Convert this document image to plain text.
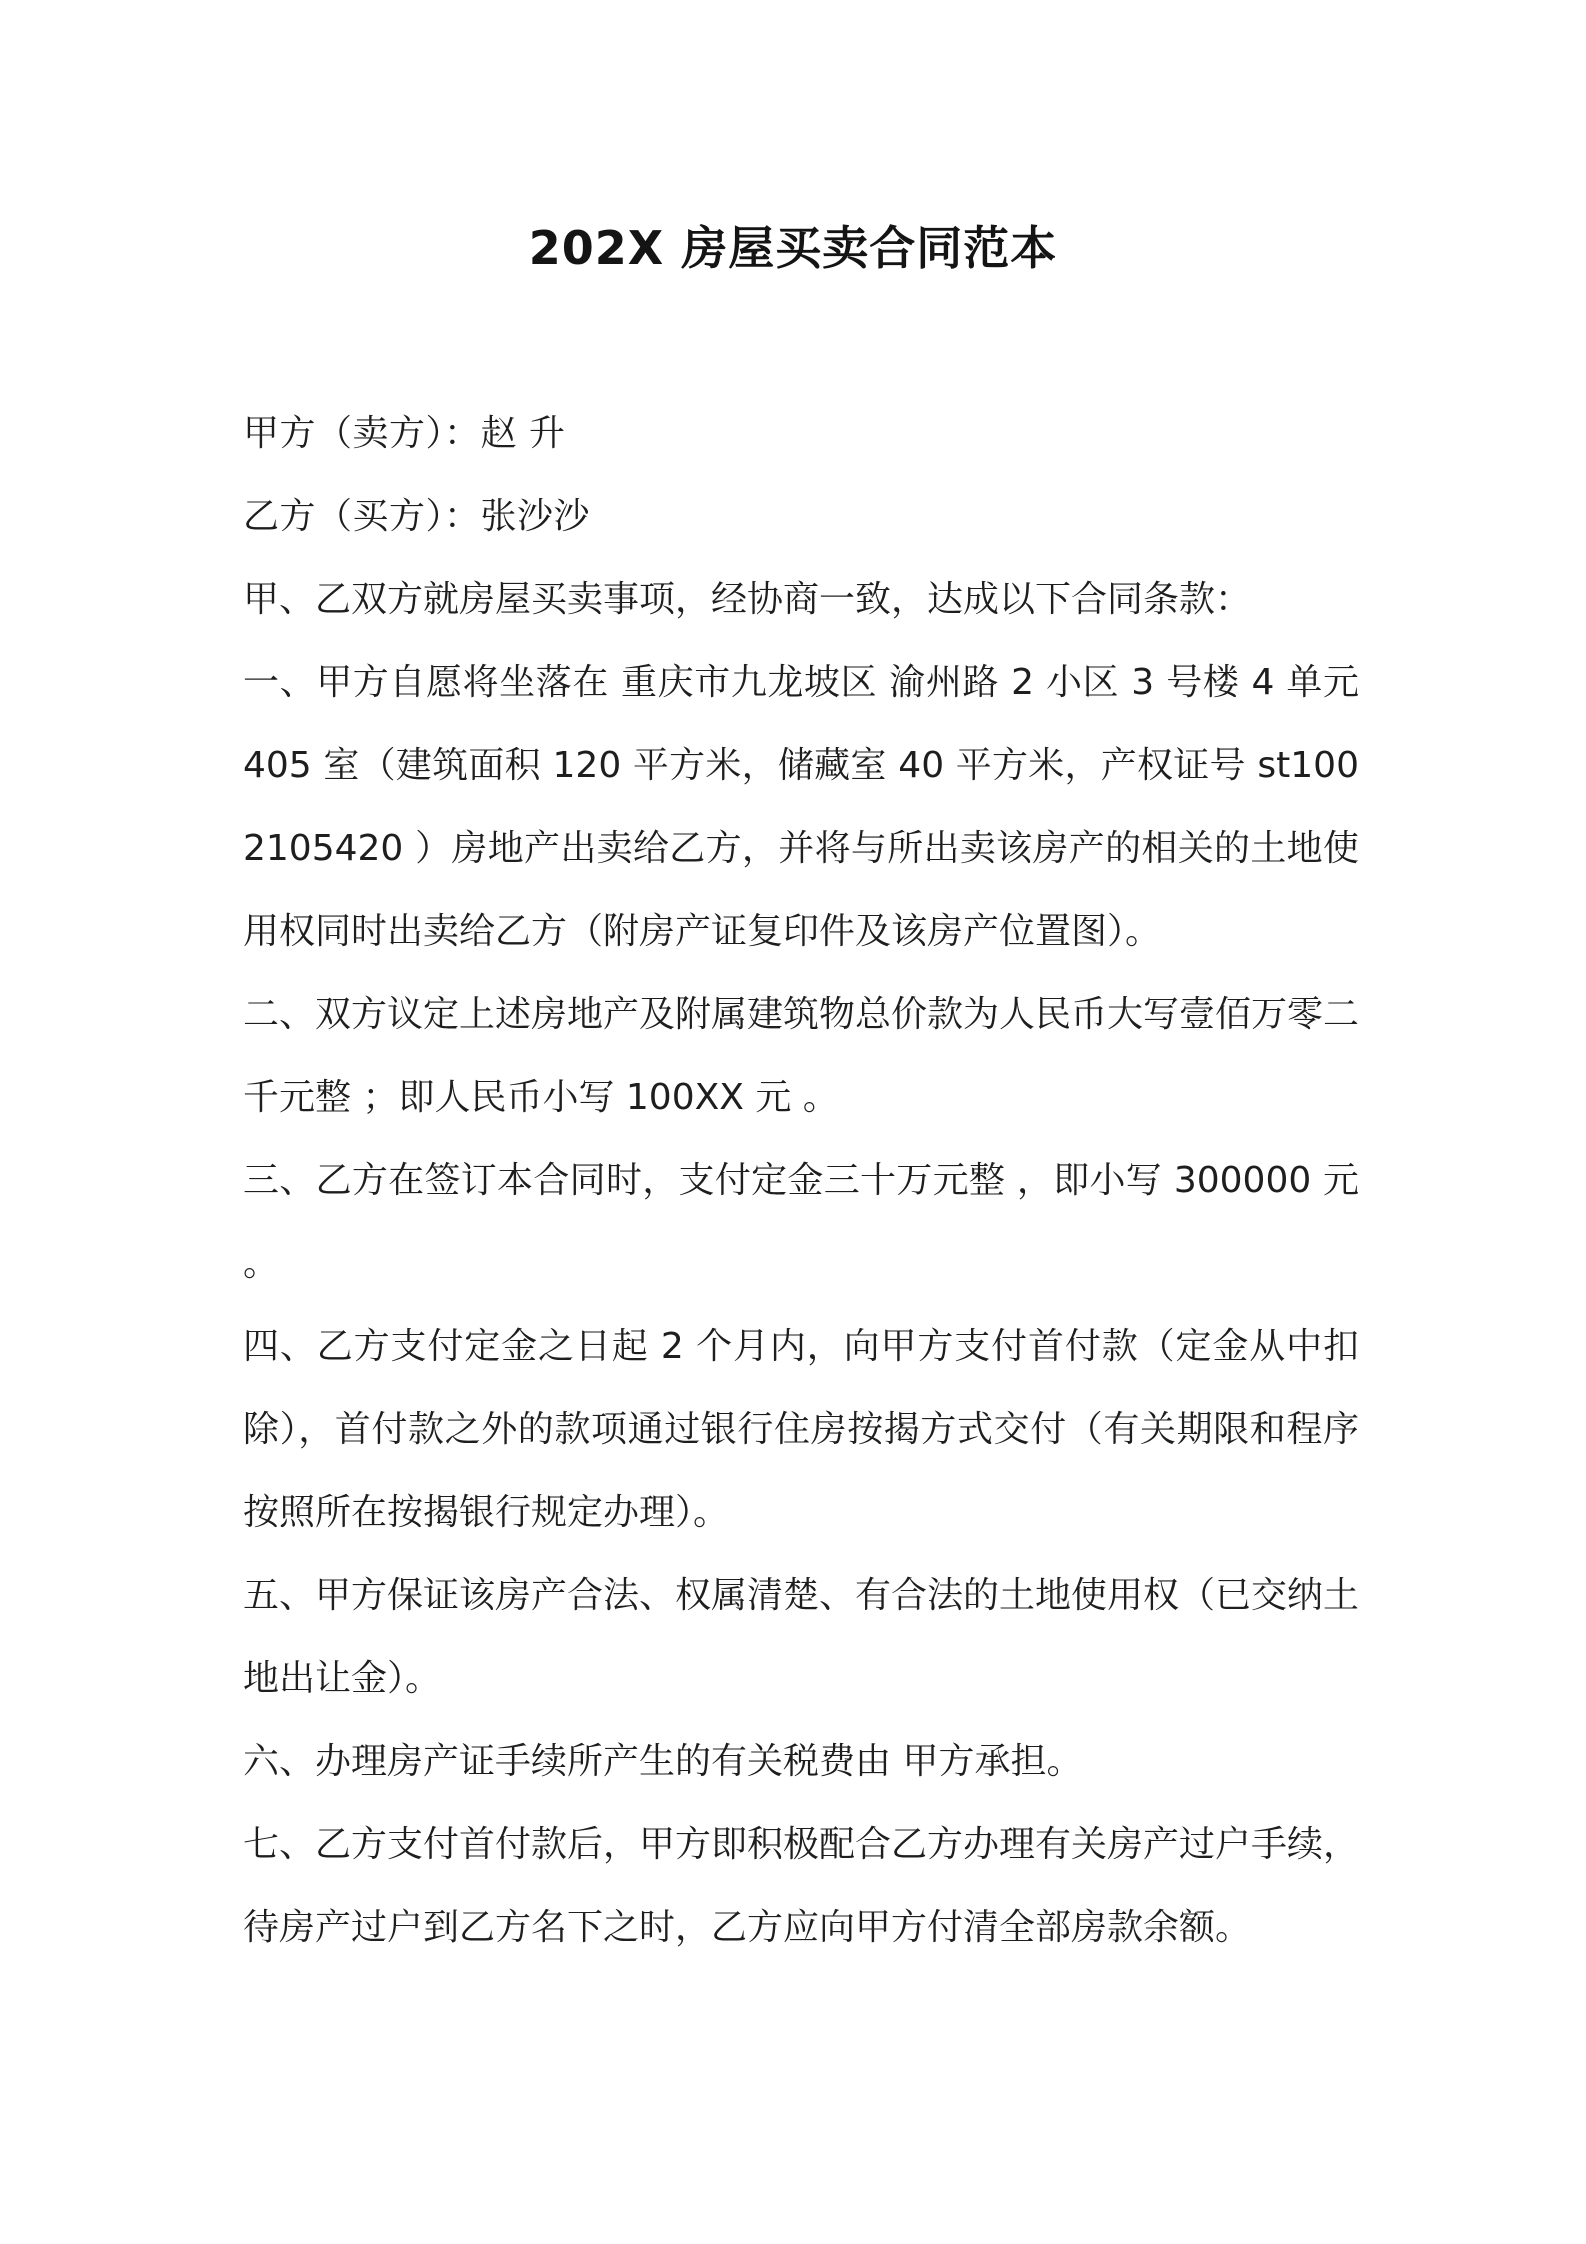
202X 房屋买卖合同范本

甲方（卖方）：赵 升

乙方（买方）：张沙沙

甲、乙双方就房屋买卖事项，经协商一致，达成以下合同条款：

一、甲方自愿将坐落在 重庆市九龙坡区 渝州路 2 小区 3 号楼 4 单元 405 室（建筑面积 120 平方米，储藏室 40 平方米，产权证号 st1002105420 ）房地产出卖给乙方，并将与所出卖该房产的相关的土地使用权同时出卖给乙方（附房产证复印件及该房产位置图）。

二、双方议定上述房地产及附属建筑物总价款为人民币大写壹佰万零二千元整 ；即人民币小写 100XX 元 。

三、乙方在签订本合同时，支付定金三十万元整 ，即小写 300000 元 。

四、乙方支付定金之日起 2 个月内，向甲方支付首付款（定金从中扣除），首付款之外的款项通过银行住房按揭方式交付（有关期限和程序按照所在按揭银行规定办理）。

五、甲方保证该房产合法、权属清楚、有合法的土地使用权（已交纳土地出让金）。

六、办理房产证手续所产生的有关税费由 甲方承担。

七、乙方支付首付款后，甲方即积极配合乙方办理有关房产过户手续，待房产过户到乙方名下之时，乙方应向甲方付清全部房款余额。
